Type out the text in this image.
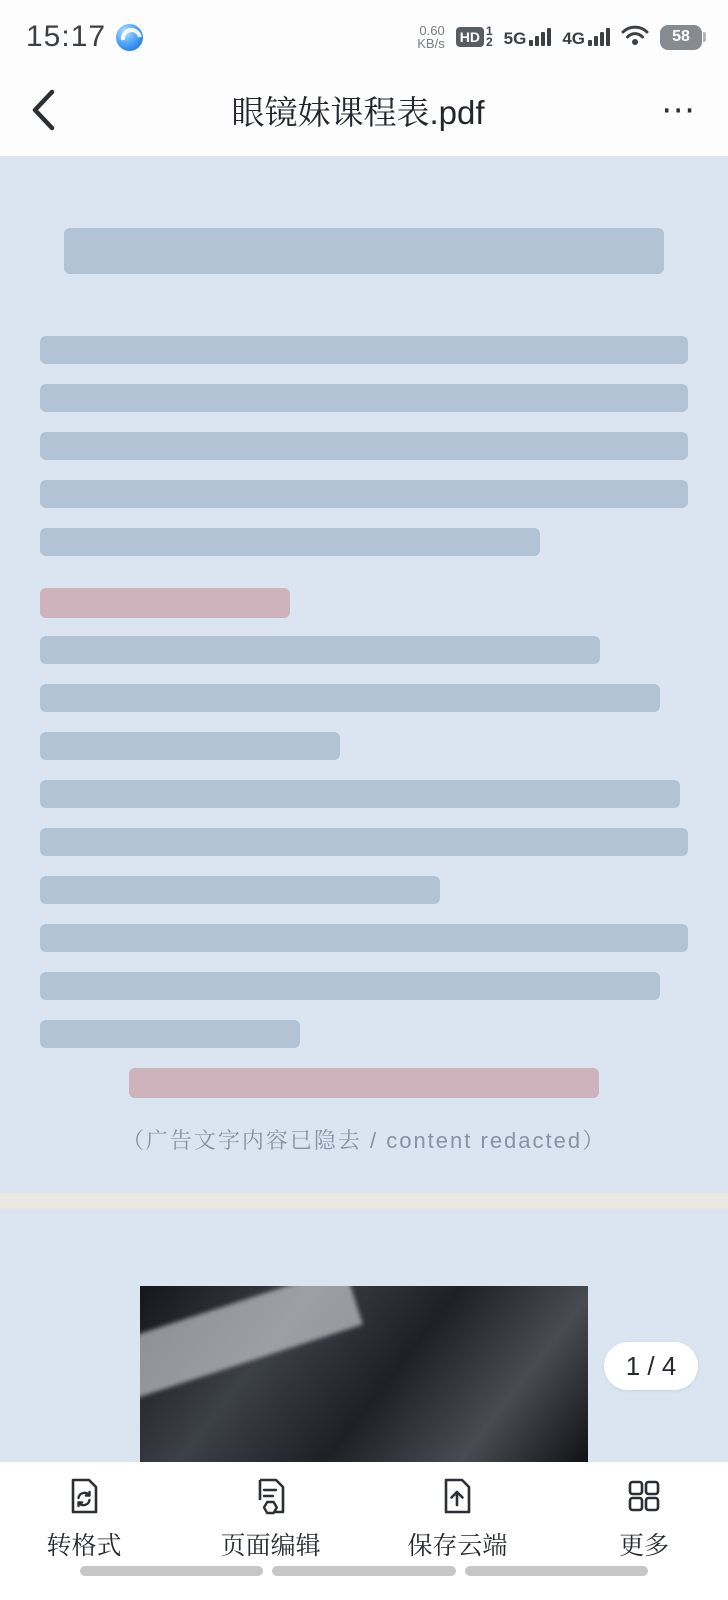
15:17	0.60
KB/s HD 1
2 5G 4G	58
眼镜妹课程表.pdf	⋯
（广告文字内容已隐去 / content redacted）
1 / 4
转格式	页面编辑	保存云端	更多
